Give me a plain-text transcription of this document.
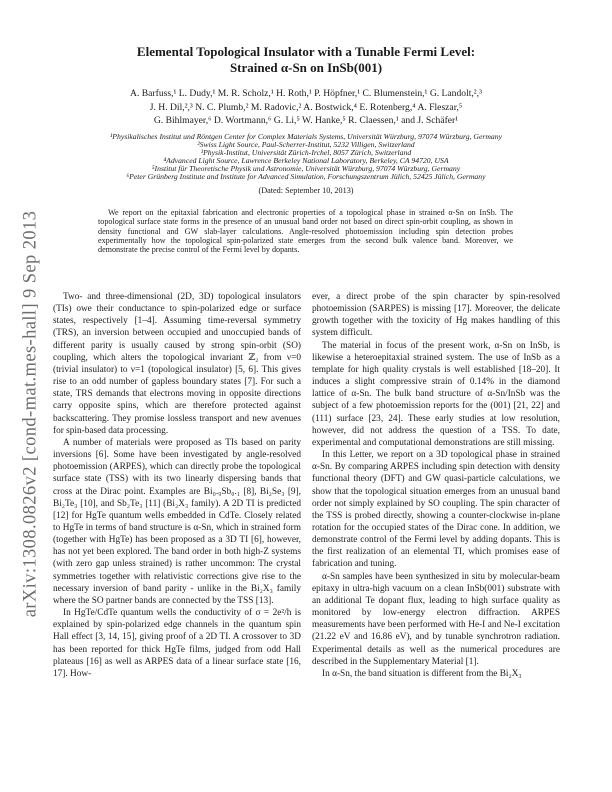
arXiv:1308.0826v2 [cond-mat.mes-hall] 9 Sep 2013
Elemental Topological Insulator with a Tunable Fermi Level:
Strained α-Sn on InSb(001)
A. Barfuss,¹ L. Dudy,¹ M. R. Scholz,¹ H. Roth,¹ P. Höpfner,¹ C. Blumenstein,¹ G. Landolt,²,³
J. H. Dil,²,³ N. C. Plumb,² M. Radovic,² A. Bostwick,⁴ E. Rotenberg,⁴ A. Fleszar,⁵
G. Bihlmayer,⁶ D. Wortmann,⁶ G. Li,⁵ W. Hanke,⁵ R. Claessen,¹ and J. Schäfer¹
¹Physikalisches Institut und Röntgen Center for Complex Materials Systems, Universität Würzburg, 97074 Würzburg, Germany
²Swiss Light Source, Paul-Scherrer-Institut, 5232 Villigen, Switzerland
³Physik-Institut, Universität Zürich-Irchel, 8057 Zürich, Switzerland
⁴Advanced Light Source, Lawrence Berkeley National Laboratory, Berkeley, CA 94720, USA
⁵Institut für Theoretische Physik und Astronomie, Universität Würzburg, 97074 Würzburg, Germany
⁶Peter Grünberg Institute and Institute for Advanced Simulation, Forschungszentrum Jülich, 52425 Jülich, Germany
(Dated: September 10, 2013)

We report on the epitaxial fabrication and electronic properties of a topological phase in strained α-Sn on InSb. The topological surface state forms in the presence of an unusual band order not based on direct spin-orbit coupling, as shown in density functional and GW slab-layer calculations. Angle-resolved photoemission including spin detection probes experimentally how the topological spin-polarized state emerges from the second bulk valence band. Moreover, we demonstrate the precise control of the Fermi level by dopants.

Two- and three-dimensional (2D, 3D) topological insulators (TIs) owe their conductance to spin-polarized edge or surface states, respectively [1–4]. Assuming time-reversal symmetry (TRS), an inversion between occupied and unoccupied bands of different parity is usually caused by strong spin-orbit (SO) coupling, which alters the topological invariant ℤ₂ from ν=0 (trivial insulator) to ν=1 (topological insulator) [5, 6]. This gives rise to an odd number of gapless boundary states [7]. For such a state, TRS demands that electrons moving in opposite directions carry opposite spins, which are therefore protected against backscattering. They promise lossless transport and new avenues for spin-based data processing.

A number of materials were proposed as TIs based on parity inversions [6]. Some have been investigated by angle-resolved photoemission (ARPES), which can directly probe the topological surface state (TSS) with its two linearly dispersing bands that cross at the Dirac point. Examples are Bi₀.₉Sb₀.₁ [8], Bi₂Se₃ [9], Bi₂Te₃ [10], and Sb₂Te₃ [11] (Bi₂X₃ family). A 2D TI is predicted [12] for HgTe quantum wells embedded in CdTe. Closely related to HgTe in terms of band structure is α-Sn, which in strained form (together with HgTe) has been proposed as a 3D TI [6], however, has not yet been explored. The band order in both high-Z systems (with zero gap unless strained) is rather uncommon: The crystal symmetries together with relativistic corrections give rise to the necessary inversion of band parity - unlike in the Bi₂X₃ family where the SO partner bands are connected by the TSS [13].

In HgTe/CdTe quantum wells the conductivity of σ = 2e²/h is explained by spin-polarized edge channels in the quantum spin Hall effect [3, 14, 15], giving proof of a 2D TI. A crossover to 3D has been reported for thick HgTe films, judged from odd Hall plateaus [16] as well as ARPES data of a linear surface state [16, 17]. How-

ever, a direct probe of the spin character by spin-resolved photoemission (SARPES) is missing [17]. Moreover, the delicate growth together with the toxicity of Hg makes handling of this system difficult.

The material in focus of the present work, α-Sn on InSb, is likewise a heteroepitaxial strained system. The use of InSb as a template for high quality crystals is well established [18–20]. It induces a slight compressive strain of 0.14% in the diamond lattice of α-Sn. The bulk band structure of α-Sn/InSb was the subject of a few photoemission reports for the (001) [21, 22] and (111) surface [23, 24]. These early studies at low resolution, however, did not address the question of a TSS. To date, experimental and computational demonstrations are still missing.

In this Letter, we report on a 3D topological phase in strained α-Sn. By comparing ARPES including spin detection with density functional theory (DFT) and GW quasi-particle calculations, we show that the topological situation emerges from an unusual band order not simply explained by SO coupling. The spin character of the TSS is probed directly, showing a counter-clockwise in-plane rotation for the occupied states of the Dirac cone. In addition, we demonstrate control of the Fermi level by adding dopants. This is the first realization of an elemental TI, which promises ease of fabrication and tuning.

α-Sn samples have been synthesized in situ by molecular-beam epitaxy in ultra-high vacuum on a clean InSb(001) substrate with an additional Te dopant flux, leading to high surface quality as monitored by low-energy electron diffraction. ARPES measurements have been performed with He-I and Ne-I excitation (21.22 eV and 16.86 eV), and by tunable synchrotron radiation. Experimental details as well as the numerical procedures are described in the Supplementary Material [1].

In α-Sn, the band situation is different from the Bi₂X₃
